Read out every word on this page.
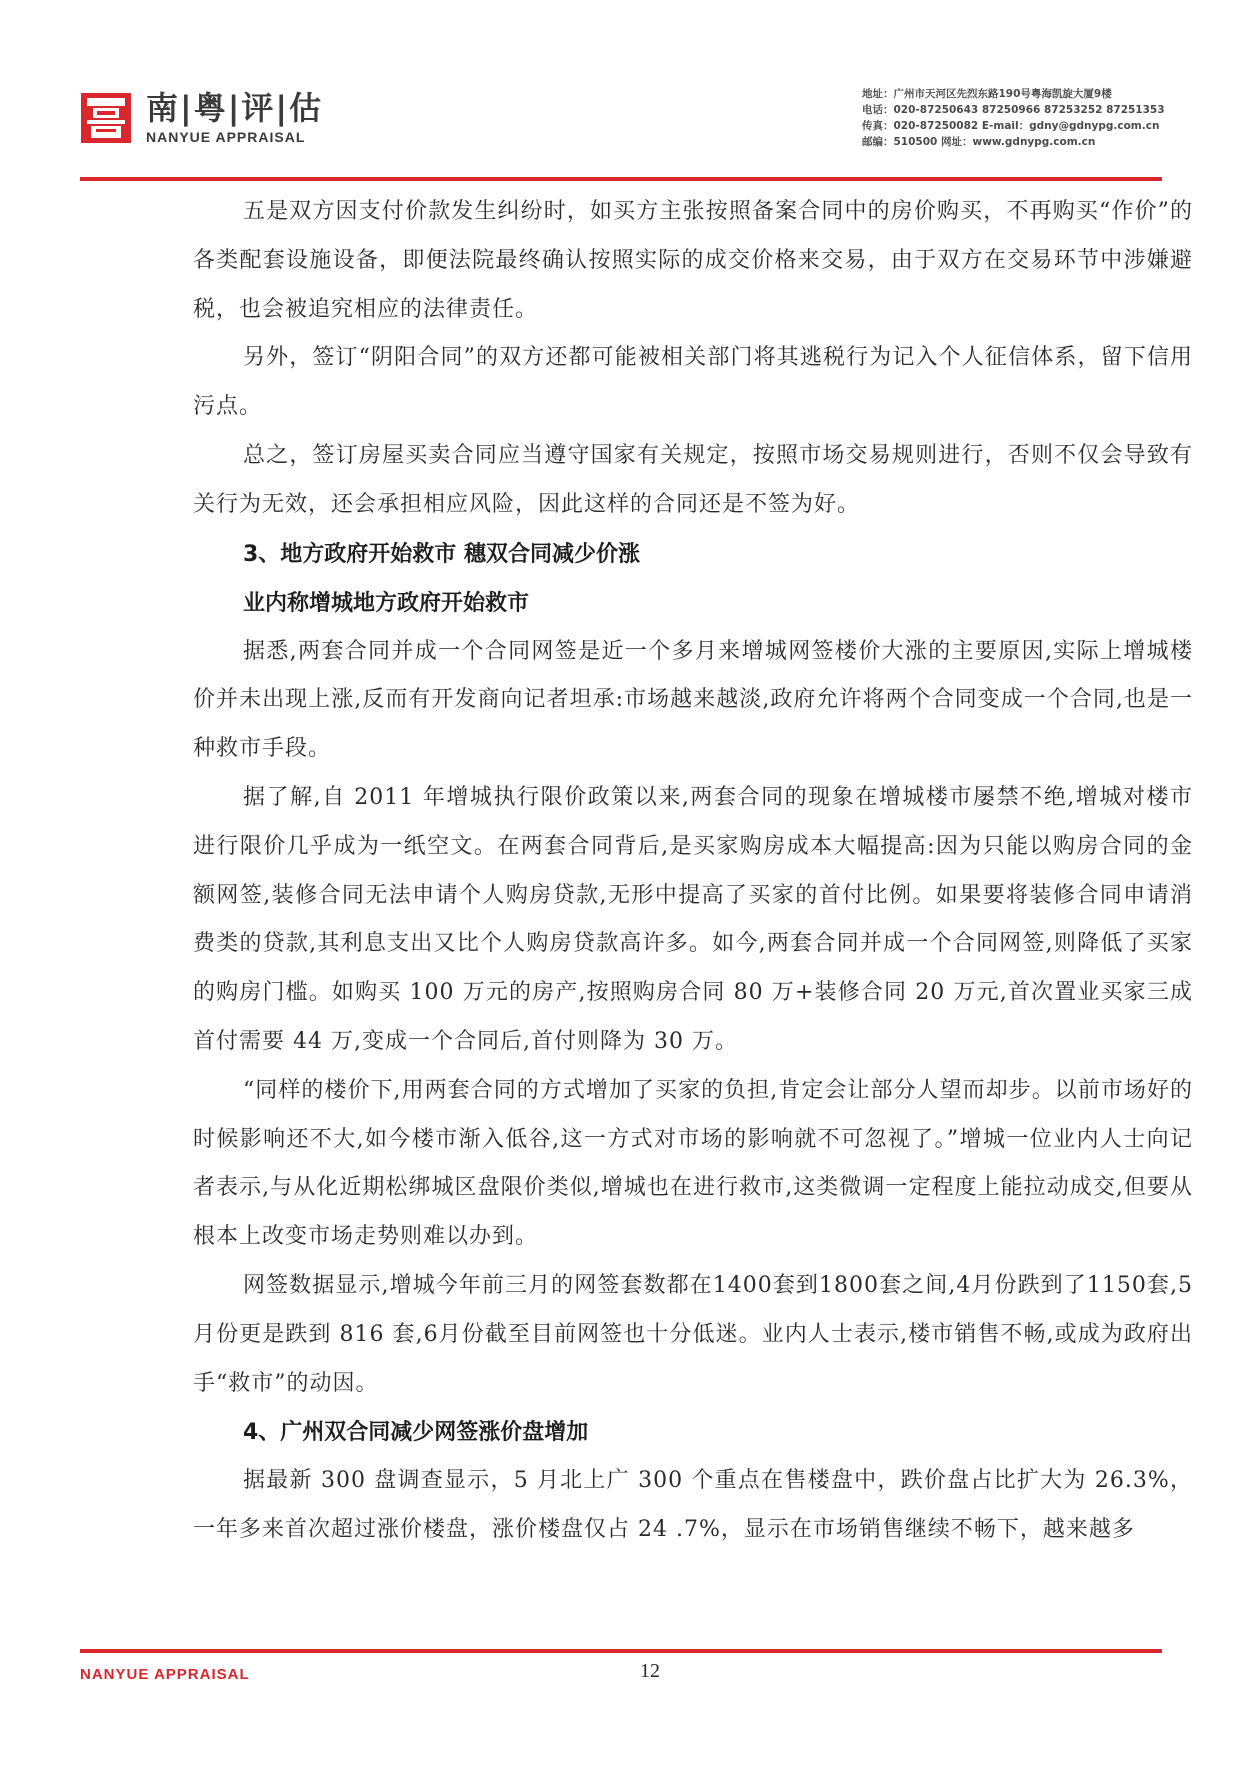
南|粤|评|估
NANYUE APPRAISAL
地址：广州市天河区先烈东路190号粤海凯旋大厦9楼
电话：020-87250643 87250966 87253252 87251353
传真：020-87250082 E-mail：gdny@gdnypg.com.cn
邮编：510500 网址：www.gdnypg.com.cn

五是双方因支付价款发生纠纷时，如买方主张按照备案合同中的房价购买，不再购买“作价”的各类配套设施设备，即便法院最终确认按照实际的成交价格来交易，由于双方在交易环节中涉嫌避税，也会被追究相应的法律责任。

另外，签订“阴阳合同”的双方还都可能被相关部门将其逃税行为记入个人征信体系，留下信用污点。

总之，签订房屋买卖合同应当遵守国家有关规定，按照市场交易规则进行，否则不仅会导致有关行为无效，还会承担相应风险，因此这样的合同还是不签为好。

3、地方政府开始救市 穗双合同减少价涨

业内称增城地方政府开始救市

据悉,两套合同并成一个合同网签是近一个多月来增城网签楼价大涨的主要原因,实际上增城楼价并未出现上涨,反而有开发商向记者坦承:市场越来越淡,政府允许将两个合同变成一个合同,也是一种救市手段。

据了解,自 2011 年增城执行限价政策以来,两套合同的现象在增城楼市屡禁不绝,增城对楼市进行限价几乎成为一纸空文。在两套合同背后,是买家购房成本大幅提高:因为只能以购房合同的金额网签,装修合同无法申请个人购房贷款,无形中提高了买家的首付比例。如果要将装修合同申请消费类的贷款,其利息支出又比个人购房贷款高许多。如今,两套合同并成一个合同网签,则降低了买家的购房门槛。如购买 100 万元的房产,按照购房合同 80 万+装修合同 20 万元,首次置业买家三成首付需要 44 万,变成一个合同后,首付则降为 30 万。

“同样的楼价下,用两套合同的方式增加了买家的负担,肯定会让部分人望而却步。以前市场好的时候影响还不大,如今楼市渐入低谷,这一方式对市场的影响就不可忽视了。”增城一位业内人士向记者表示,与从化近期松绑城区盘限价类似,增城也在进行救市,这类微调一定程度上能拉动成交,但要从根本上改变市场走势则难以办到。

网签数据显示,增城今年前三月的网签套数都在1400套到1800套之间,4月份跌到了1150套,5月份更是跌到 816 套,6月份截至目前网签也十分低迷。业内人士表示,楼市销售不畅,或成为政府出手“救市”的动因。

4、广州双合同减少网签涨价盘增加

据最新 300 盘调查显示，5 月北上广 300 个重点在售楼盘中，跌价盘占比扩大为 26.3%，一年多来首次超过涨价楼盘，涨价楼盘仅占 24 .7%，显示在市场销售继续不畅下，越来越多

NANYUE APPRAISAL	12
